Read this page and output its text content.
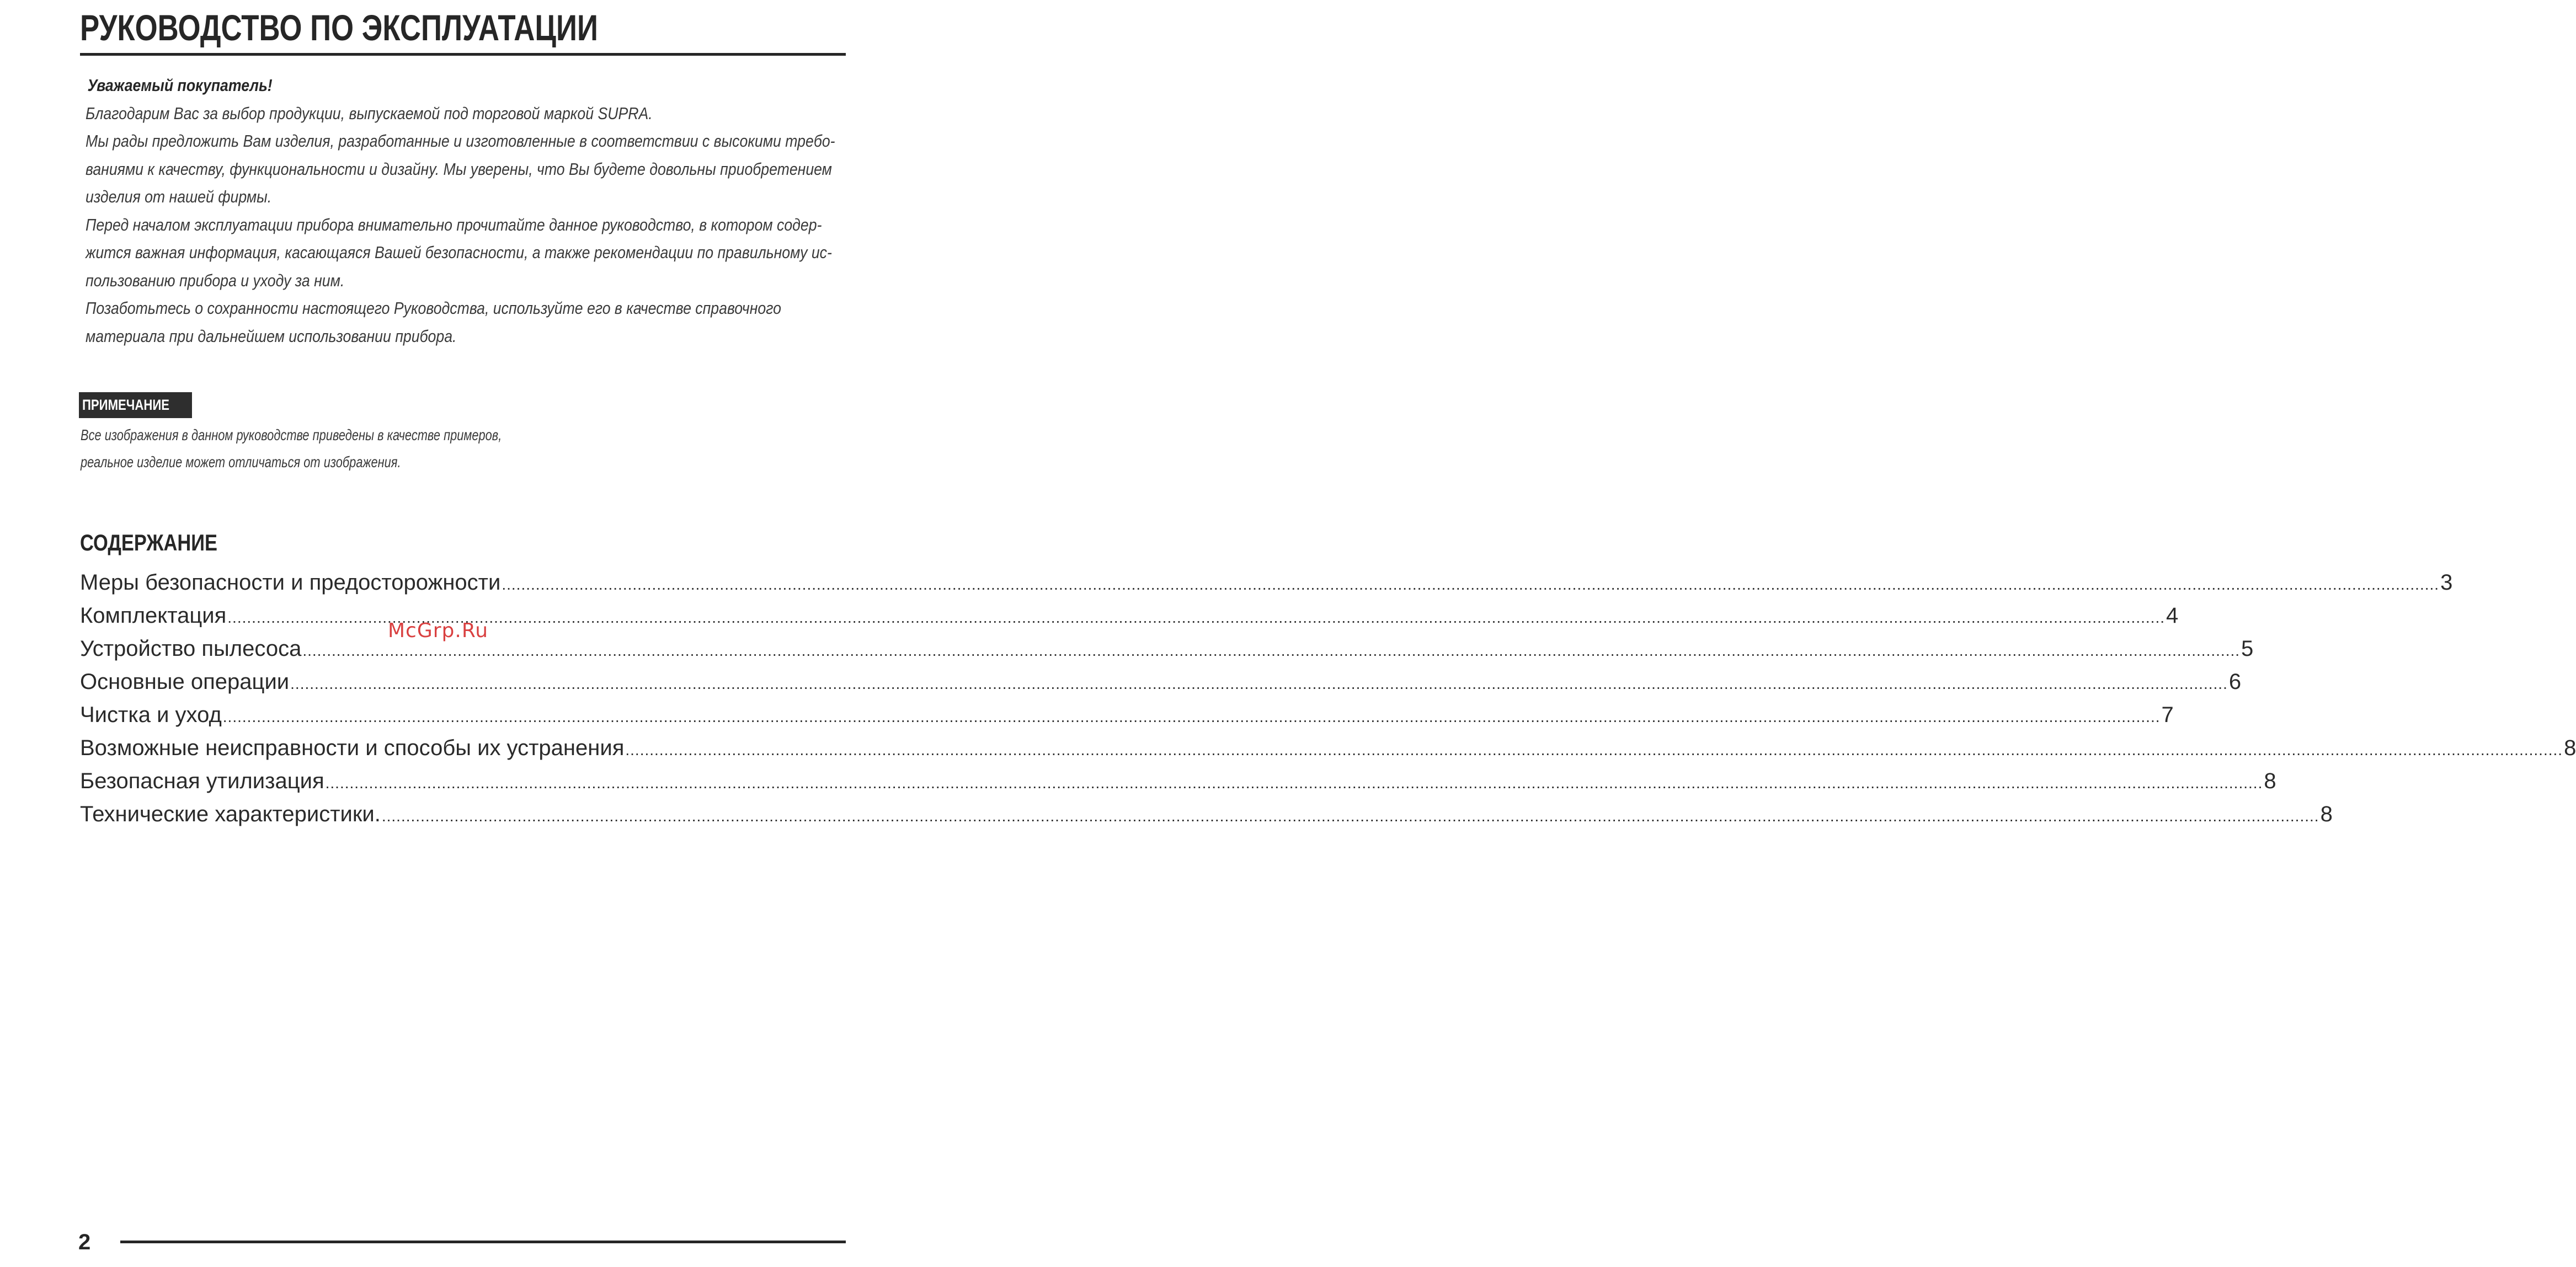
РУКОВОДСТВО ПО ЭКСПЛУАТАЦИИ
Уважаемый покупатель!
Благодарим Вас за выбор продукции, выпускаемой под торговой маркой SUPRA.
Мы рады предложить Вам изделия, разработанные и изготовленные в соответствии с высокими требо-
ваниями к качеству, функциональности и дизайну. Мы уверены, что Вы будете довольны приобретением
изделия от нашей фирмы.
Перед началом эксплуатации прибора внимательно прочитайте данное руководство, в котором содер-
жится важная информация, касающаяся Вашей безопасности, а также рекомендации по правильному ис-
пользованию прибора и уходу за ним.
Позаботьтесь о сохранности настоящего Руководства, используйте его в качестве справочного
материала при дальнейшем использовании прибора.
ПРИМЕЧАНИЕ
Все изображения в данном руководстве приведены в качестве примеров,
реальное изделие может отличаться от изображения.
СОДЕРЖАНИЕ
Меры безопасности и предосторожности ................................................................................................................................................................................................................................................................................................................................................................................................................ 3
Комплектация ................................................................................................................................................................................................................................................................................................................................................................................................................ 4
Устройство пылесоса ................................................................................................................................................................................................................................................................................................................................................................................................................ 5
Основные операции ................................................................................................................................................................................................................................................................................................................................................................................................................ 6
Чистка и уход ................................................................................................................................................................................................................................................................................................................................................................................................................ 7
Возможные неисправности и способы их устранения ................................................................................................................................................................................................................................................................................................................................................................................................................ 8
Безопасная утилизация ................................................................................................................................................................................................................................................................................................................................................................................................................ 8
Технические характеристики. ................................................................................................................................................................................................................................................................................................................................................................................................................ 8
McGrp.Ru
2
